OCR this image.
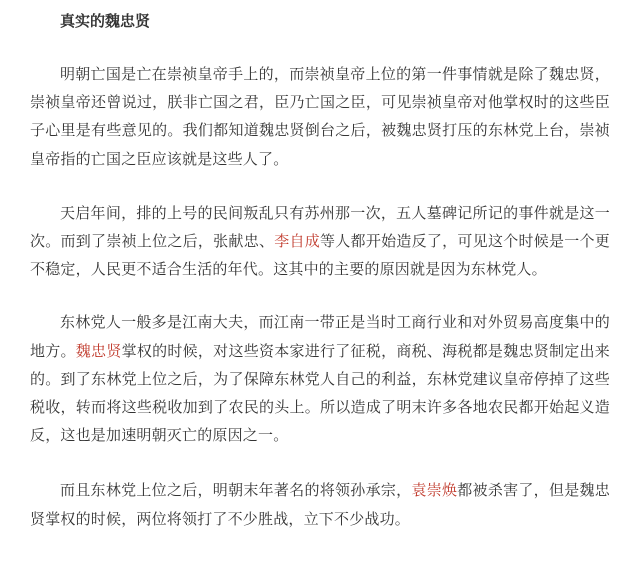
真实的魏忠贤

明朝亡国是亡在崇祯皇帝手上的，而崇祯皇帝上位的第一件事情就是除了魏忠贤，崇祯皇帝还曾说过，朕非亡国之君，臣乃亡国之臣，可见崇祯皇帝对他掌权时的这些臣子心里是有些意见的。我们都知道魏忠贤倒台之后，被魏忠贤打压的东林党上台，崇祯皇帝指的亡国之臣应该就是这些人了。

天启年间，排的上号的民间叛乱只有苏州那一次，五人墓碑记所记的事件就是这一次。而到了崇祯上位之后，张献忠、李自成等人都开始造反了，可见这个时候是一个更不稳定，人民更不适合生活的年代。这其中的主要的原因就是因为东林党人。

东林党人一般多是江南大夫，而江南一带正是当时工商行业和对外贸易高度集中的地方。魏忠贤掌权的时候，对这些资本家进行了征税，商税、海税都是魏忠贤制定出来的。到了东林党上位之后，为了保障东林党人自己的利益，东林党建议皇帝停掉了这些税收，转而将这些税收加到了农民的头上。所以造成了明末许多各地农民都开始起义造反，这也是加速明朝灭亡的原因之一。

而且东林党上位之后，明朝末年著名的将领孙承宗，袁崇焕都被杀害了，但是魏忠贤掌权的时候，两位将领打了不少胜战，立下不少战功。
